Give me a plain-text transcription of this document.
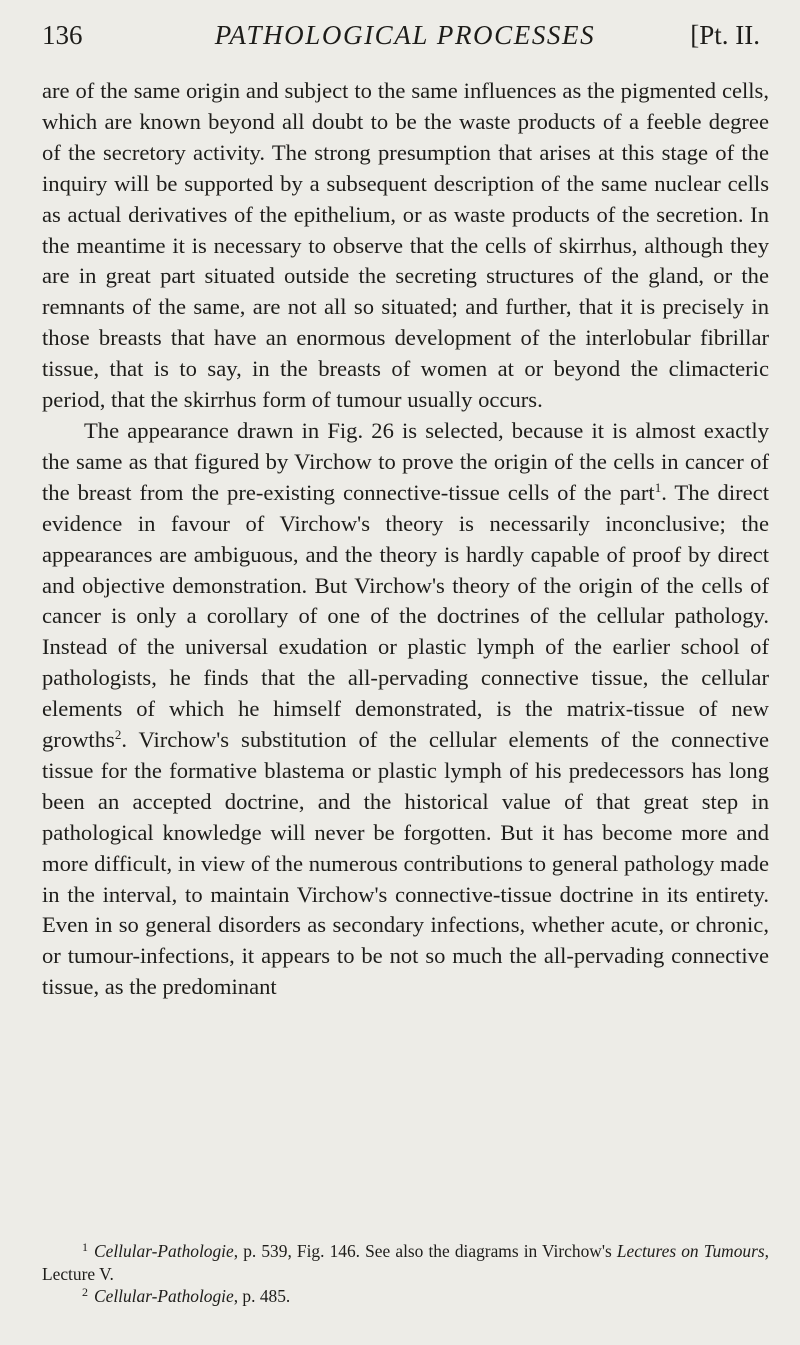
136	PATHOLOGICAL PROCESSES	[Pt. II.

are of the same origin and subject to the same influences as the pigmented cells, which are known beyond all doubt to be the waste products of a feeble degree of the secretory activity. The strong presumption that arises at this stage of the inquiry will be supported by a subsequent description of the same nuclear cells as actual derivatives of the epithelium, or as waste products of the secretion. In the meantime it is necessary to observe that the cells of skirrhus, although they are in great part situated outside the secreting structures of the gland, or the remnants of the same, are not all so situated; and further, that it is precisely in those breasts that have an enormous development of the interlobular fibrillar tissue, that is to say, in the breasts of women at or beyond the climacteric period, that the skirrhus form of tumour usually occurs.

The appearance drawn in Fig. 26 is selected, because it is almost exactly the same as that figured by Virchow to prove the origin of the cells in cancer of the breast from the pre-existing connective-tissue cells of the part$^1$. The direct evidence in favour of Virchow's theory is necessarily inconclusive; the appearances are ambiguous, and the theory is hardly capable of proof by direct and objective demonstration. But Virchow's theory of the origin of the cells of cancer is only a corollary of one of the doctrines of the cellular pathology. Instead of the universal exudation or plastic lymph of the earlier school of pathologists, he finds that the all-pervading connective tissue, the cellular elements of which he himself demonstrated, is the matrix-tissue of new growths$^2$. Virchow's substitution of the cellular elements of the connective tissue for the formative blastema or plastic lymph of his predecessors has long been an accepted doctrine, and the historical value of that great step in pathological knowledge will never be forgotten. But it has become more and more difficult, in view of the numerous contributions to general pathology made in the interval, to maintain Virchow's connective-tissue doctrine in its entirety. Even in so general disorders as secondary infections, whether acute, or chronic, or tumour-infections, it appears to be not so much the all-pervading connective tissue, as the predominant

$^1$ Cellular-Pathologie, p. 539, Fig. 146. See also the diagrams in Virchow's Lectures on Tumours, Lecture V.

$^2$ Cellular-Pathologie, p. 485.
